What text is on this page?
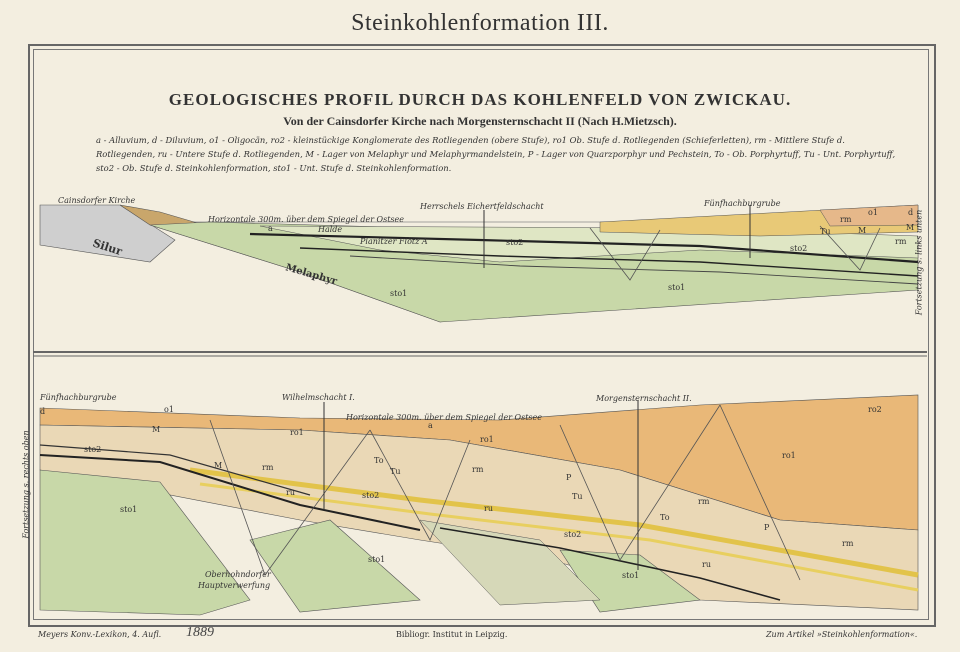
Steinkohlenformation III.
GEOLOGISCHES PROFIL DURCH DAS KOHLENFELD VON ZWICKAU.
Von der Cainsdorfer Kirche nach Morgensternschacht II (Nach H.Mietzsch).
a - Alluvium, d - Diluvium, o1 - Oligocän, ro2 - kleinstückige Konglomerate des Rotliegenden (obere Stufe), ro1 Ob. Stufe d. Rotliegenden (Schieferletten), rm - Mittlere Stufe d. Rotliegenden, ru - Untere Stufe d. Rotliegenden, M - Lager von Melaphyr und Melaphyrmandelstein, P - Lager von Quarzporphyr und Pechstein, To - Ob. Porphyrtuff, Tu - Unt. Porphyrtuff, sto2 - Ob. Stufe d. Steinkohlenformation, sto1 - Unt. Stufe d. Steinkohlenformation.
Cainsdorfer Kirche
Herrschels Eichertfeldschacht	Fünfhachburgrube
Horizontale 300m. über dem Spiegel der Ostsee
Silur
Melaphyr
sto1
sto1
sto2
sto2
a	Halde
Planitzer Flötz A
rm
M
Tu
o1	d
rm
M
Fünfhachburgrube	Wilhelmschacht I.	Morgensternschacht II.
Horizontale 300m. über dem Spiegel der Ostsee
Oberhohndorfer
Hauptverwerfung
ro2
ro1
ro1
ro1
rm	rm
rm
rm
ru
ru
ru
sto1
sto1
sto1
sto2
sto2
sto2
To
To
Tu
Tu
P
P
M
M	a
o1
d
Fortsetzung s. links unten
Fortsetzung s. rechts oben
Meyers Konv.-Lexikon, 4. Aufl. 1889	Bibliogr. Institut in Leipzig.	Zum Artikel »Steinkohlenformation«.
